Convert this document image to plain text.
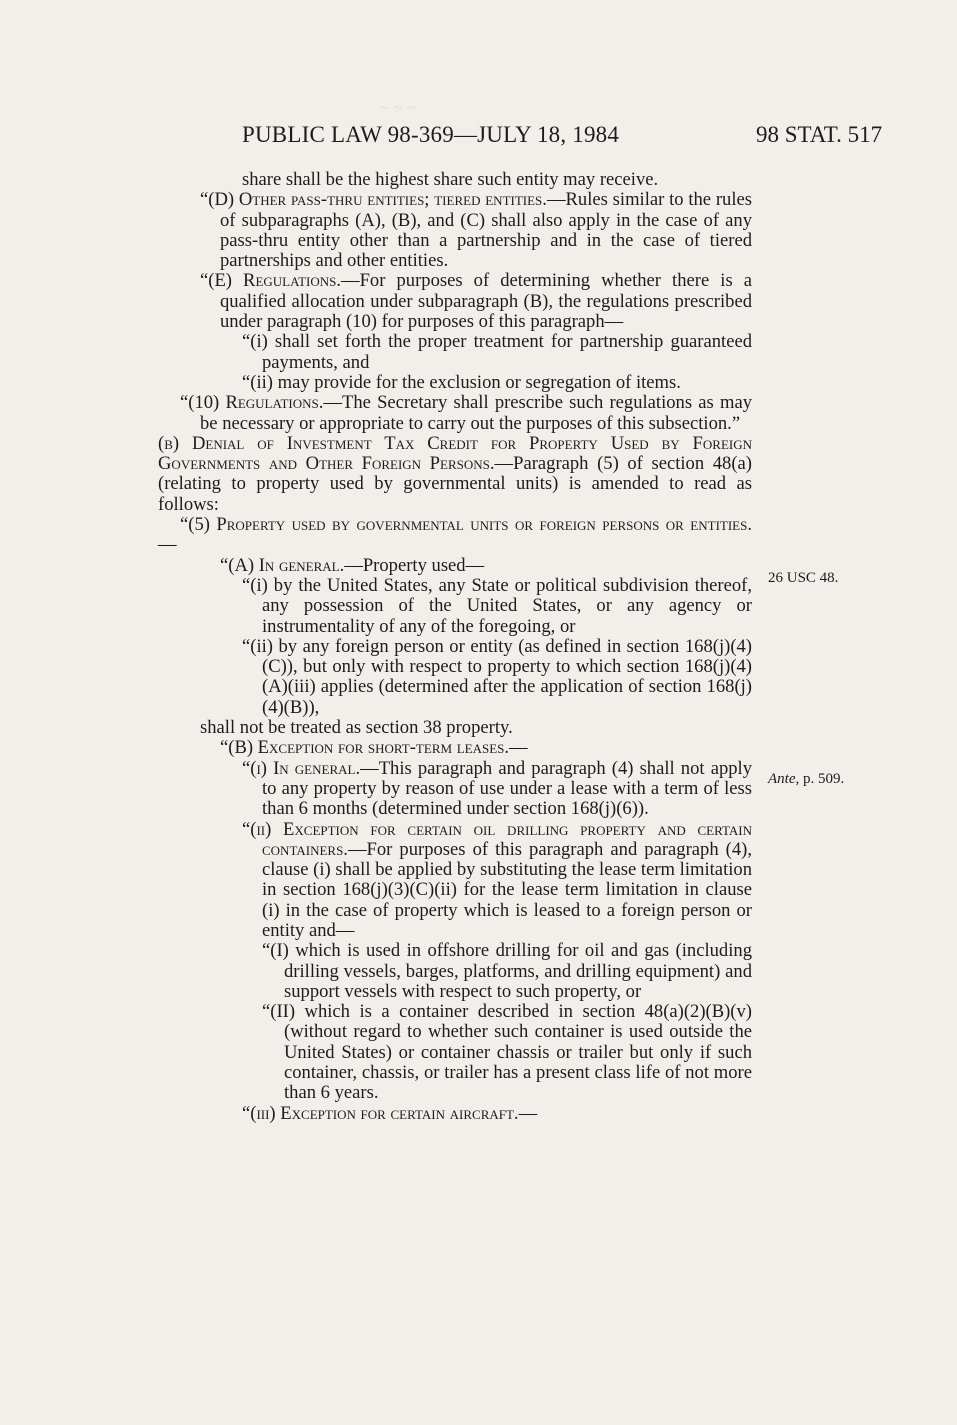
~ ~ ~
PUBLIC LAW 98-369—JULY 18, 1984	98 STAT. 517
26 USC 48.
Ante, p. 509.

share shall be the highest share such entity may receive.

“(D) Other pass-thru entities; tiered entities.—Rules similar to the rules of subparagraphs (A), (B), and (C) shall also apply in the case of any pass-thru entity other than a partnership and in the case of tiered partnerships and other entities.

“(E) Regulations.—For purposes of determining whether there is a qualified allocation under subparagraph (B), the regulations prescribed under paragraph (10) for purposes of this paragraph—

“(i) shall set forth the proper treatment for partnership guaranteed payments, and

“(ii) may provide for the exclusion or segregation of items.

“(10) Regulations.—The Secretary shall prescribe such regulations as may be necessary or appropriate to carry out the purposes of this subsection.”

(b) Denial of Investment Tax Credit for Property Used by Foreign Governments and Other Foreign Persons.—Paragraph (5) of section 48(a) (relating to property used by governmental units) is amended to read as follows:

“(5) Property used by governmental units or foreign persons or entities.—

“(A) In general.—Property used—

“(i) by the United States, any State or political subdivision thereof, any possession of the United States, or any agency or instrumentality of any of the foregoing, or

“(ii) by any foreign person or entity (as defined in section 168(j)(4)(C)), but only with respect to property to which section 168(j)(4)(A)(iii) applies (determined after the application of section 168(j)(4)(B)),

shall not be treated as section 38 property.

“(B) Exception for short-term leases.—

“(i) In general.—This paragraph and paragraph (4) shall not apply to any property by reason of use under a lease with a term of less than 6 months (determined under section 168(j)(6)).

“(ii) Exception for certain oil drilling property and certain containers.—For purposes of this paragraph and paragraph (4), clause (i) shall be applied by substituting the lease term limitation in section 168(j)(3)(C)(ii) for the lease term limitation in clause (i) in the case of property which is leased to a foreign person or entity and—

“(I) which is used in offshore drilling for oil and gas (including drilling vessels, barges, platforms, and drilling equipment) and support vessels with respect to such property, or

“(II) which is a container described in section 48(a)(2)(B)(v) (without regard to whether such container is used outside the United States) or container chassis or trailer but only if such container, chassis, or trailer has a present class life of not more than 6 years.

“(iii) Exception for certain aircraft.—
